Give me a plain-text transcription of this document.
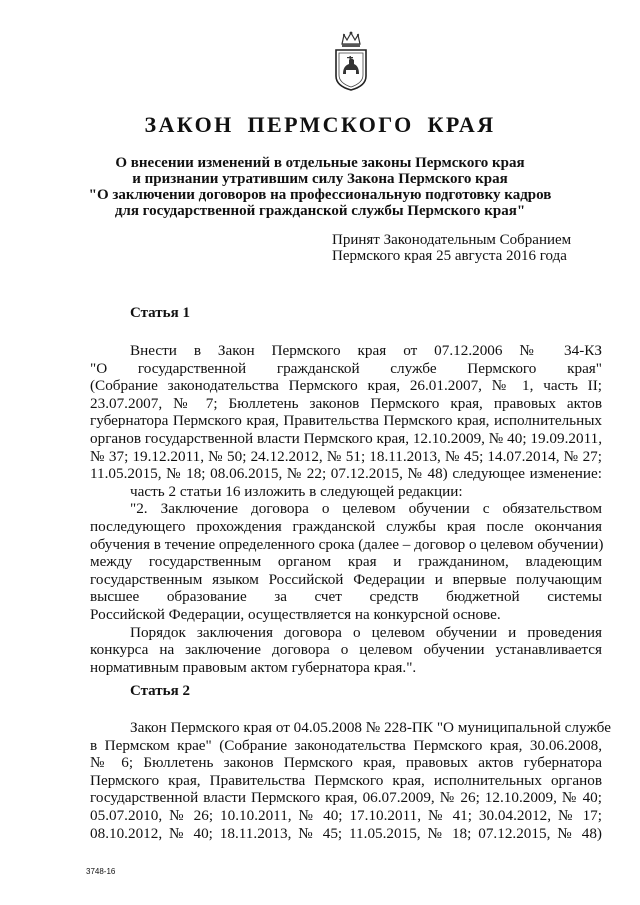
ЗАКОН ПЕРМСКОГО КРАЯ
О внесении изменений в отдельные законы Пермского края
и признании утратившим силу Закона Пермского края
"О заключении договоров на профессиональную подготовку кадров
для государственной гражданской службы Пермского края"
Принят Законодательным Собранием
Пермского края 25 августа 2016 года
Статья 1
Внести в Закон Пермского края от 07.12.2006 № 34-КЗ
"О государственной гражданской службе Пермского края"
(Собрание законодательства Пермского края, 26.01.2007, № 1, часть II;
23.07.2007, № 7; Бюллетень законов Пермского края, правовых актов
губернатора Пермского края, Правительства Пермского края, исполнительных
органов государственной власти Пермского края, 12.10.2009, № 40; 19.09.2011,
№ 37; 19.12.2011, № 50; 24.12.2012, № 51; 18.11.2013, № 45; 14.07.2014, № 27;
11.05.2015, № 18; 08.06.2015, № 22; 07.12.2015, № 48) следующее изменение:
часть 2 статьи 16 изложить в следующей редакции:
"2. Заключение договора о целевом обучении с обязательством
последующего прохождения гражданской службы края после окончания
обучения в течение определенного срока (далее – договор о целевом обучении)
между государственным органом края и гражданином, владеющим
государственным языком Российской Федерации и впервые получающим
высшее образование за счет средств бюджетной системы
Российской Федерации, осуществляется на конкурсной основе.
Порядок заключения договора о целевом обучении и проведения
конкурса на заключение договора о целевом обучении устанавливается
нормативным правовым актом губернатора края.".
Статья 2
Закон Пермского края от 04.05.2008 № 228-ПК "О муниципальной службе
в Пермском крае" (Собрание законодательства Пермского края, 30.06.2008,
№ 6; Бюллетень законов Пермского края, правовых актов губернатора
Пермского края, Правительства Пермского края, исполнительных органов
государственной власти Пермского края, 06.07.2009, № 26; 12.10.2009, № 40;
05.07.2010, № 26; 10.10.2011, № 40; 17.10.2011, № 41; 30.04.2012, № 17;
08.10.2012, № 40; 18.11.2013, № 45; 11.05.2015, № 18; 07.12.2015, № 48)
3748-16
